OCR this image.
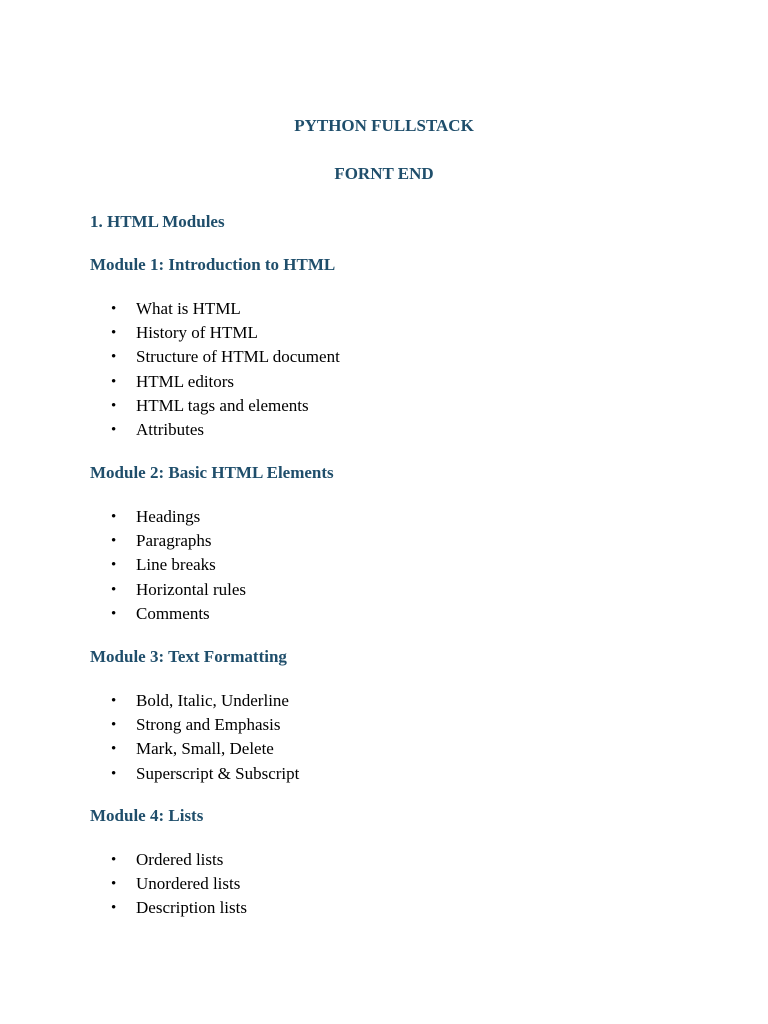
PYTHON FULLSTACK
FORNT END
1. HTML Modules
Module 1: Introduction to HTML
• What is HTML
• History of HTML
• Structure of HTML document
• HTML editors
• HTML tags and elements
• Attributes
Module 2: Basic HTML Elements
• Headings
• Paragraphs
• Line breaks
• Horizontal rules
• Comments
Module 3: Text Formatting
• Bold, Italic, Underline
• Strong and Emphasis
• Mark, Small, Delete
• Superscript & Subscript
Module 4: Lists
• Ordered lists
• Unordered lists
• Description lists
